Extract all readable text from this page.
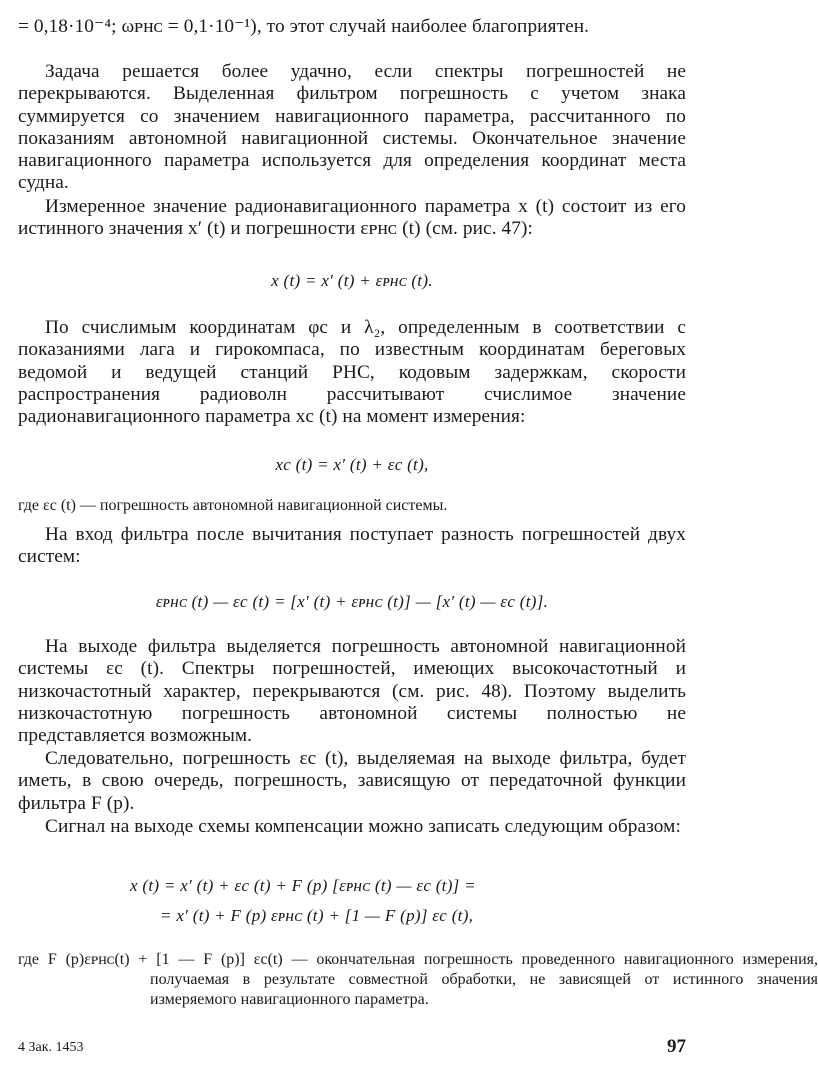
= 0,18·10⁻⁴; ωᴘʜᴄ = 0,1·10⁻¹), то этот случай наиболее благоприятен.

Задача решается более удачно, если спектры погрешностей не перекрываются. Выделенная фильтром погрешность с учетом знака суммируется со значением навигационного параметра, рассчитанного по показаниям автономной навигационной системы. Окончательное значение навигационного параметра используется для определения координат места судна.

Измеренное значение радионавигационного параметра x (t) состоит из его истинного значения x′ (t) и погрешности εᴘʜᴄ (t) (см. рис. 47):

x (t) = x′ (t) + εᴘʜᴄ (t).

По счислимым координатам φс и λ₂, определенным в соответствии с показаниями лага и гирокомпаса, по известным координатам береговых ведомой и ведущей станций РНС, кодовым задержкам, скорости распространения радиоволн рассчитывают счислимое значение радионавигационного параметра xс (t) на момент измерения:

xс (t) = x′ (t) + εс (t),

где εс (t) — погрешность автономной навигационной системы.

На вход фильтра после вычитания поступает разность погрешностей двух систем:

εᴘʜᴄ (t) — εс (t) = [x′ (t) + εᴘʜᴄ (t)] — [x′ (t) — εс (t)].

На выходе фильтра выделяется погрешность автономной навигационной системы εс (t). Спектры погрешностей, имеющих высокочастотный и низкочастотный характер, перекрываются (см. рис. 48). Поэтому выделить низкочастотную погрешность автономной системы полностью не представляется возможным.

Следовательно, погрешность εс (t), выделяемая на выходе фильтра, будет иметь, в свою очередь, погрешность, зависящую от передаточной функции фильтра F (p).

Сигнал на выходе схемы компенсации можно записать следующим образом:

x (t) = x′ (t) + εс (t) + F (p) [εᴘʜᴄ (t) — εс (t)] =
= x′ (t) + F (p) εᴘʜᴄ (t) + [1 — F (p)] εс (t),

где F (p)εᴘʜᴄ(t) + [1 — F (p)] εс(t) — окончательная погрешность проведенного навигационного измерения, получаемая в результате совместной обработки, не зависящей от истинного значения измеряемого навигационного параметра.

4 Зак. 1453	97
